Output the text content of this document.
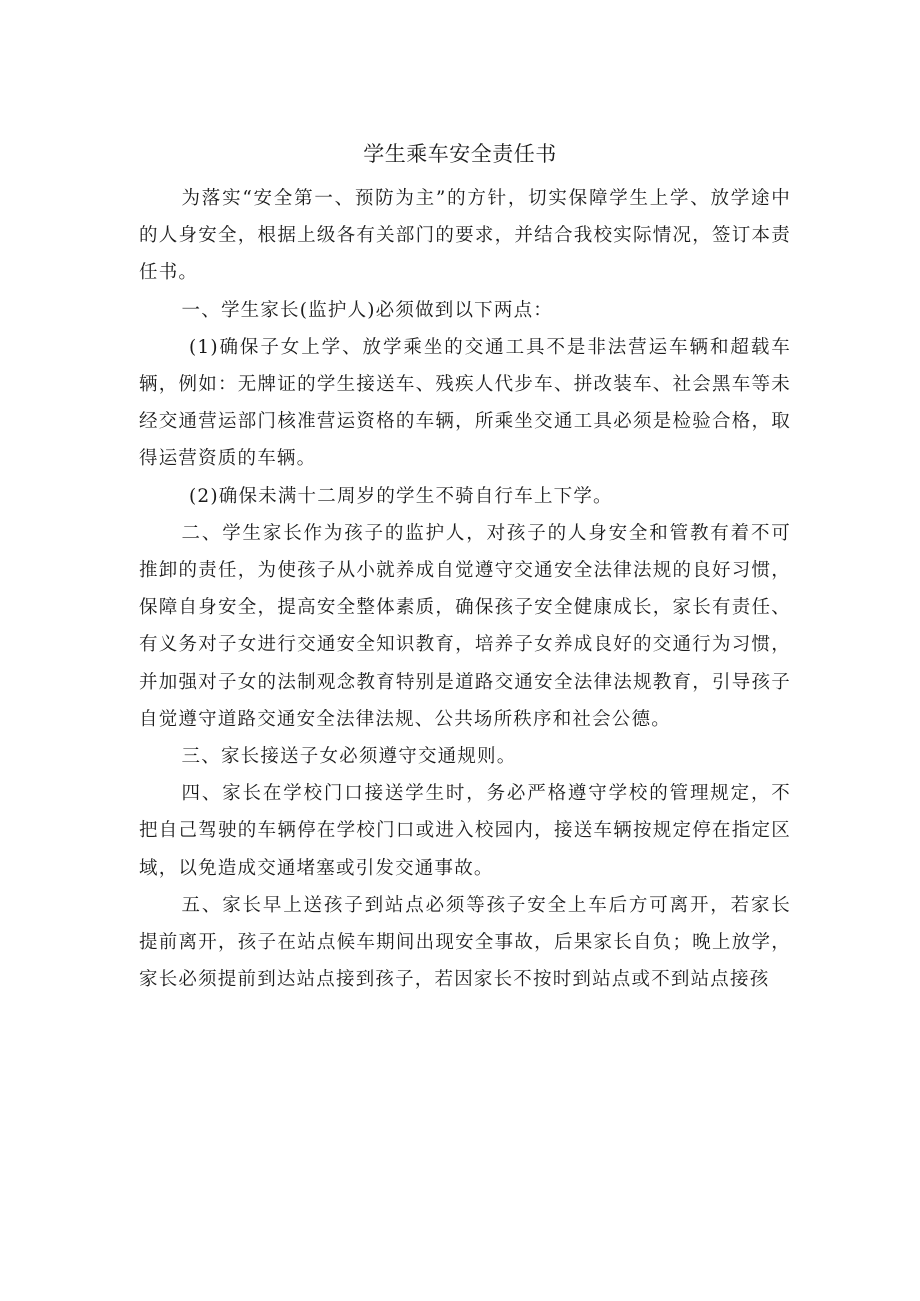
学生乘车安全责任书

为落实“安全第一、预防为主”的方针，切实保障学生上学、放学途中的人身安全，根据上级各有关部门的要求，并结合我校实际情况，签订本责任书。

一、学生家长(监护人)必须做到以下两点：

(1)确保子女上学、放学乘坐的交通工具不是非法营运车辆和超载车辆，例如：无牌证的学生接送车、残疾人代步车、拼改装车、社会黑车等未经交通营运部门核准营运资格的车辆，所乘坐交通工具必须是检验合格，取得运营资质的车辆。

(2)确保未满十二周岁的学生不骑自行车上下学。

二、学生家长作为孩子的监护人，对孩子的人身安全和管教有着不可推卸的责任，为使孩子从小就养成自觉遵守交通安全法律法规的良好习惯，保障自身安全，提高安全整体素质，确保孩子安全健康成长，家长有责任、有义务对子女进行交通安全知识教育，培养子女养成良好的交通行为习惯，并加强对子女的法制观念教育特别是道路交通安全法律法规教育，引导孩子自觉遵守道路交通安全法律法规、公共场所秩序和社会公德。

三、家长接送子女必须遵守交通规则。

四、家长在学校门口接送学生时，务必严格遵守学校的管理规定，不把自己驾驶的车辆停在学校门口或进入校园内，接送车辆按规定停在指定区域，以免造成交通堵塞或引发交通事故。

五、家长早上送孩子到站点必须等孩子安全上车后方可离开，若家长提前离开，孩子在站点候车期间出现安全事故，后果家长自负；晚上放学，家长必须提前到达站点接到孩子，若因家长不按时到站点或不到站点接孩
